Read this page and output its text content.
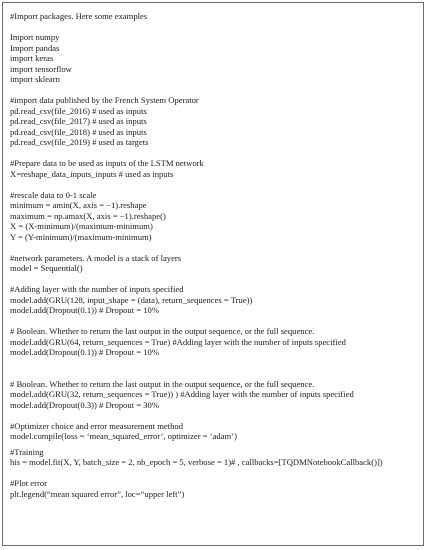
#Import packages. Here some examples
Import numpy
Import pandas
import keras
import tensorflow
import sklearn
#import data published by the French System Operator
pd.read_csv(file_2016) # used as inputs
pd.read_csv(file_2017) # used as inputs
pd.read_csv(file_2018) # used as inputs
pd.read_csv(file_2019) # used as targets
#Prepare data to be used as inputs of the LSTM network
X=reshape_data_inputs_inputs # used as inputs
#rescale data to 0-1 scale
minimum = amin(X, axis = −1).reshape
maximum = np.amax(X, axis = −1).reshape()
X = (X-minimum)/(maximum-minimum)
Y = (Y-minimum)/(maximum-minimum)
#network parameters. A model is a stack of layers
model = Sequential()
#Adding layer with the number of inputs specified
model.add(GRU(128, input_shape = (data), return_sequences = True))
model.add(Dropout(0.1)) # Dropout = 10%
# Boolean. Whether to return the last output in the output sequence, or the full sequence.
model.add(GRU(64, return_sequences = True) #Adding layer with the number of inputs specified
model.add(Dropout(0.1)) # Dropout = 10%
# Boolean. Whether to return the last output in the output sequence, or the full sequence.
model.add(GRU(32, return_sequences = True)) ) #Adding layer with the number of inputs specified
model.add(Dropout(0.3)) # Dropout = 30%
#Optimizer choice and error measurement method
model.compile(loss = ‘mean_squared_error’, optimizer = ‘adam’)
#Training
his = model.fit(X, Y, batch_size = 2, nb_epoch = 5, verbose = 1)# , callbacks=[TQDMNotebookCallback()])
#Plot error
plt.legend(“mean squared error”, loc=“upper left”)
